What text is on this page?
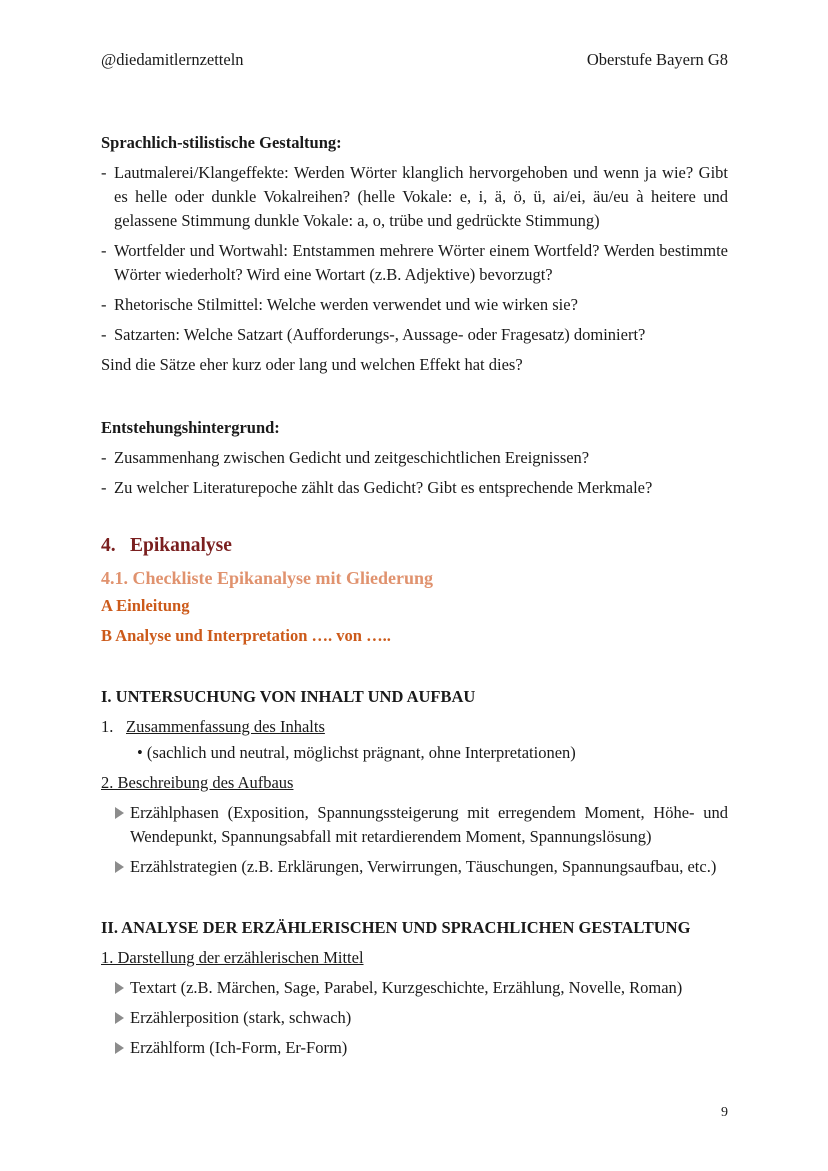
@diedamitlernzetteln	Oberstufe Bayern G8

Sprachlich-stilistische Gestaltung:

- Lautmalerei/Klangeffekte: Werden Wörter klanglich hervorgehoben und wenn ja wie? Gibt es helle oder dunkle Vokalreihen? (helle Vokale: e, i, ä, ö, ü, ai/ei, äu/eu à heitere und gelassene Stimmung dunkle Vokale: a, o, trübe und gedrückte Stimmung)
- Wortfelder und Wortwahl: Entstammen mehrere Wörter einem Wortfeld? Werden bestimmte Wörter wiederholt? Wird eine Wortart (z.B. Adjektive) bevorzugt?
- Rhetorische Stilmittel: Welche werden verwendet und wie wirken sie?
- Satzarten: Welche Satzart (Aufforderungs-, Aussage- oder Fragesatz) dominiert?

Sind die Sätze eher kurz oder lang und welchen Effekt hat dies?

Entstehungshintergrund:

- Zusammenhang zwischen Gedicht und zeitgeschichtlichen Ereignissen?
- Zu welcher Literaturepoche zählt das Gedicht? Gibt es entsprechende Merkmale?

4. Epikanalyse

4.1. Checkliste Epikanalyse mit Gliederung

A Einleitung

B Analyse und Interpretation …. von …..

I. UNTERSUCHUNG VON INHALT UND AUFBAU

1. Zusammenfassung des Inhalts

• (sachlich und neutral, möglichst prägnant, ohne Interpretationen)

2. Beschreibung des Aufbaus

Erzählphasen (Exposition, Spannungssteigerung mit erregendem Moment, Höhe- und Wendepunkt, Spannungsabfall mit retardierendem Moment, Spannungslösung)
Erzählstrategien (z.B. Erklärungen, Verwirrungen, Täuschungen, Spannungsaufbau, etc.)

II. ANALYSE DER ERZÄHLERISCHEN UND SPRACHLICHEN GESTALTUNG

1. Darstellung der erzählerischen Mittel

Textart (z.B. Märchen, Sage, Parabel, Kurzgeschichte, Erzählung, Novelle, Roman)
Erzählerposition (stark, schwach)
Erzählform (Ich-Form, Er-Form)
9
